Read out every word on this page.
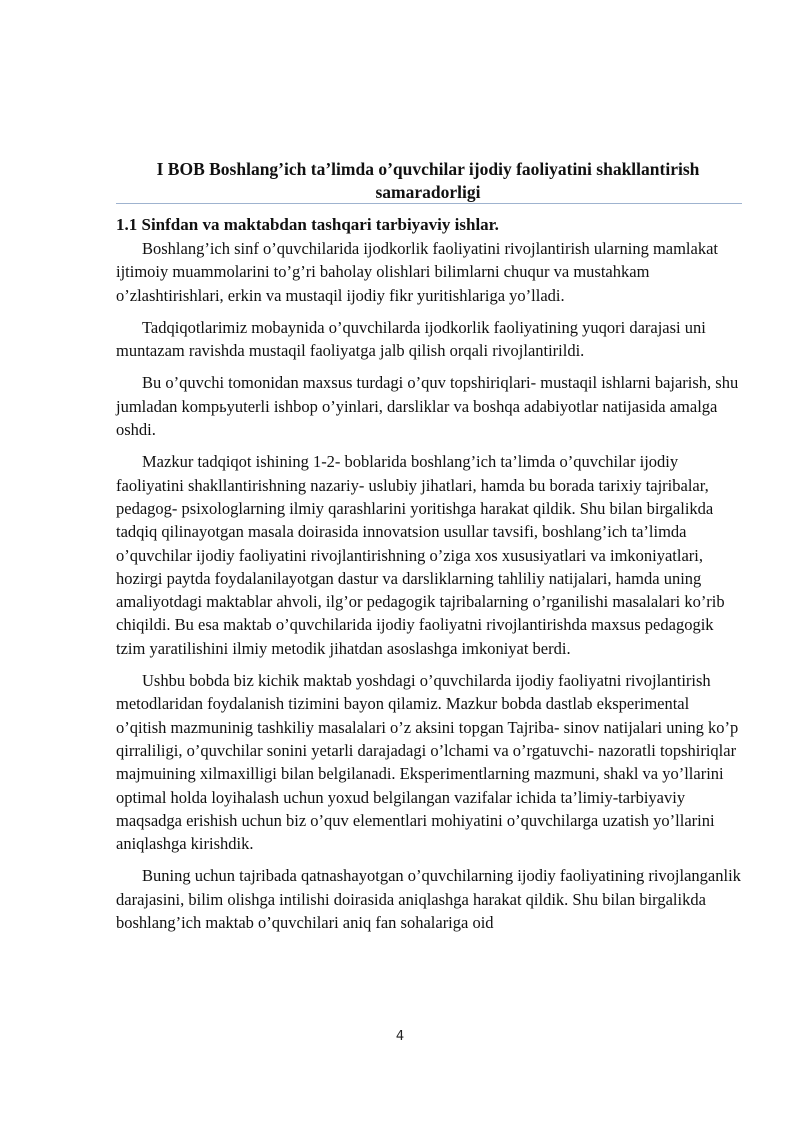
I BOB Boshlang’ich ta’limda o’quvchilar ijodiy faoliyatini shakllantirish samaradorligi
1.1 Sinfdan va maktabdan tashqari tarbiyaviy ishlar.

Boshlang’ich sinf o’quvchilarida ijodkorlik faoliyatini rivojlantirish ularning mamlakat ijtimoiy muammolarini to’g’ri baholay olishlari bilimlarni chuqur va mustahkam o’zlashtirishlari, erkin va mustaqil ijodiy fikr yuritishlariga yo’lladi.

Tadqiqotlarimiz mobaynida o’quvchilarda ijodkorlik faoliyatining yuqori darajasi uni muntazam ravishda mustaqil faoliyatga jalb qilish orqali rivojlantirildi.

Bu o’quvchi tomonidan maxsus turdagi o’quv topshiriqlari- mustaqil ishlarni bajarish, shu jumladan kompьyuterli ishbop o’yinlari, darsliklar va boshqa adabiyotlar natijasida amalga oshdi.

Mazkur tadqiqot ishining 1-2- boblarida boshlang’ich ta’limda o’quvchilar ijodiy faoliyatini shakllantirishning nazariy- uslubiy jihatlari, hamda bu borada tarixiy tajribalar, pedagog- psixologlarning ilmiy qarashlarini yoritishga harakat qildik. Shu bilan birgalikda tadqiq qilinayotgan masala doirasida innovatsion usullar tavsifi, boshlang’ich ta’limda o’quvchilar ijodiy faoliyatini rivojlantirishning o’ziga xos xususiyatlari va imkoniyatlari, hozirgi paytda foydalanilayotgan dastur va darsliklarning tahliliy natijalari, hamda uning amaliyotdagi maktablar ahvoli, ilg’or pedagogik tajribalarning o’rganilishi masalalari ko’rib chiqildi. Bu esa maktab o’quvchilarida ijodiy faoliyatni rivojlantirishda maxsus pedagogik tzim yaratilishini ilmiy metodik jihatdan asoslashga imkoniyat berdi.

Ushbu bobda biz kichik maktab yoshdagi o’quvchilarda ijodiy faoliyatni rivojlantirish metodlaridan foydalanish tizimini bayon qilamiz. Mazkur bobda dastlab eksperimental o’qitish mazmuninig tashkiliy masalalari o’z aksini topgan Tajriba- sinov natijalari uning ko’p qirraliligi, o’quvchilar sonini yetarli darajadagi o’lchami va o’rgatuvchi- nazoratli topshiriqlar majmuining xilmaxilligi bilan belgilanadi. Eksperimentlarning mazmuni, shakl va yo’llarini optimal holda loyihalash uchun yoxud belgilangan vazifalar ichida ta’limiy-tarbiyaviy maqsadga erishish uchun biz o’quv elementlari mohiyatini o’quvchilarga uzatish yo’llarini aniqlashga kirishdik.

Buning uchun tajribada qatnashayotgan o’quvchilarning ijodiy faoliyatining rivojlanganlik darajasini, bilim olishga intilishi doirasida aniqlashga harakat qildik. Shu bilan birgalikda boshlang’ich maktab o’quvchilari aniq fan sohalariga oid

4
